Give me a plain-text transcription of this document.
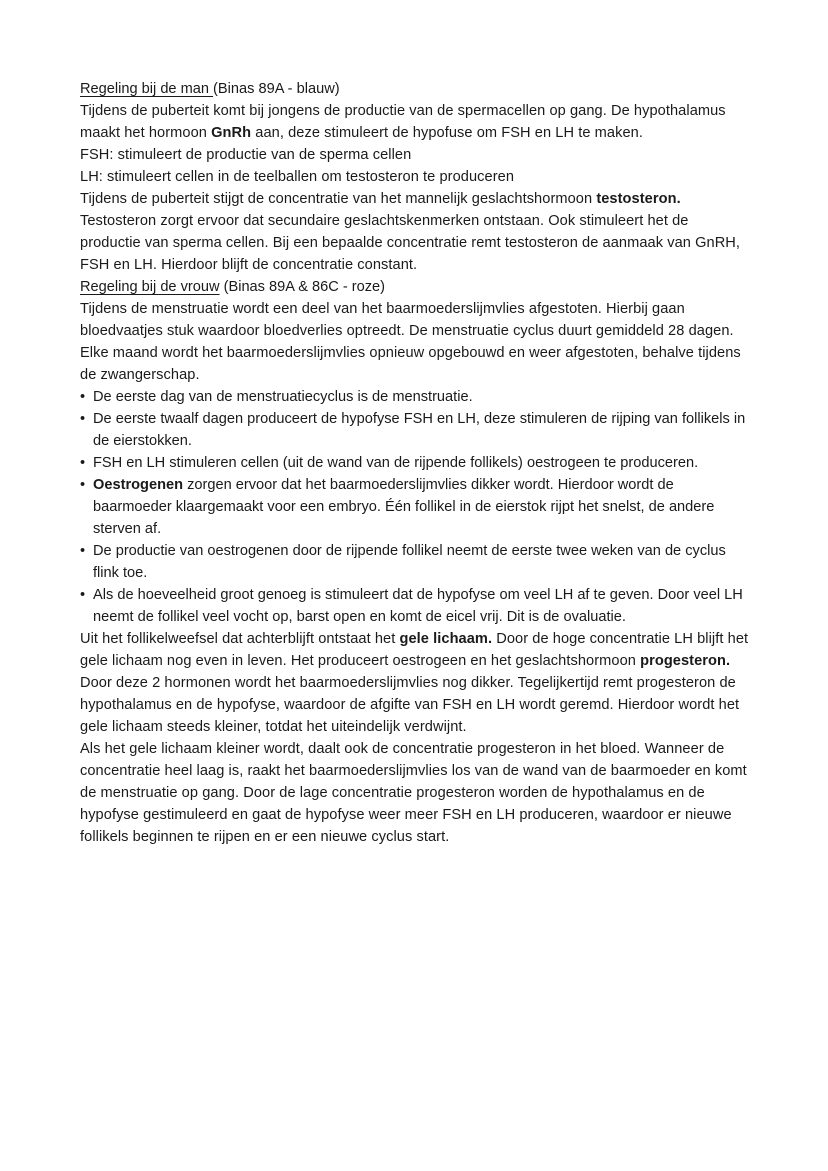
Regeling bij de man (Binas 89A - blauw)

Tijdens de puberteit komt bij jongens de productie van de spermacellen op gang. De hypothalamus maakt het hormoon GnRh aan, deze stimuleert de hypofuse om FSH en LH te maken.

FSH: stimuleert de productie van de sperma cellen

LH: stimuleert cellen in de teelballen om testosteron te produceren

Tijdens de puberteit stijgt de concentratie van het mannelijk geslachtshormoon testosteron. Testosteron zorgt ervoor dat secundaire geslachtskenmerken ontstaan. Ook stimuleert het de productie van sperma cellen. Bij een bepaalde concentratie remt testosteron de aanmaak van GnRH, FSH en LH. Hierdoor blijft de concentratie constant.

Regeling bij de vrouw (Binas 89A & 86C - roze)

Tijdens de menstruatie wordt een deel van het baarmoederslijmvlies afgestoten. Hierbij gaan bloedvaatjes stuk waardoor bloedverlies optreedt. De menstruatie cyclus duurt gemiddeld 28 dagen. Elke maand wordt het baarmoederslijmvlies opnieuw opgebouwd en weer afgestoten, behalve tijdens de zwangerschap.

• De eerste dag van de menstruatiecyclus is de menstruatie.
• De eerste twaalf dagen produceert de hypofyse FSH en LH, deze stimuleren de rijping van follikels in de eierstokken.
• FSH en LH stimuleren cellen (uit de wand van de rijpende follikels) oestrogeen te produceren.
• Oestrogenen zorgen ervoor dat het baarmoederslijmvlies dikker wordt. Hierdoor wordt de baarmoeder klaargemaakt voor een embryo. Één follikel in de eierstok rijpt het snelst, de andere sterven af.
• De productie van oestrogenen door de rijpende follikel neemt de eerste twee weken van de cyclus flink toe.
• Als de hoeveelheid groot genoeg is stimuleert dat de hypofyse om veel LH af te geven. Door veel LH neemt de follikel veel vocht op, barst open en komt de eicel vrij. Dit is de ovaluatie.

Uit het follikelweefsel dat achterblijft ontstaat het gele lichaam. Door de hoge concentratie LH blijft het gele lichaam nog even in leven. Het produceert oestrogeen en het geslachtshormoon progesteron. Door deze 2 hormonen wordt het baarmoederslijmvlies nog dikker. Tegelijkertijd remt progesteron de hypothalamus en de hypofyse, waardoor de afgifte van FSH en LH wordt geremd. Hierdoor wordt het gele lichaam steeds kleiner, totdat het uiteindelijk verdwijnt.

Als het gele lichaam kleiner wordt, daalt ook de concentratie progesteron in het bloed. Wanneer de concentratie heel laag is, raakt het baarmoederslijmvlies los van de wand van de baarmoeder en komt de menstruatie op gang. Door de lage concentratie progesteron worden de hypothalamus en de hypofyse gestimuleerd en gaat de hypofyse weer meer FSH en LH produceren, waardoor er nieuwe follikels beginnen te rijpen en er een nieuwe cyclus start.
